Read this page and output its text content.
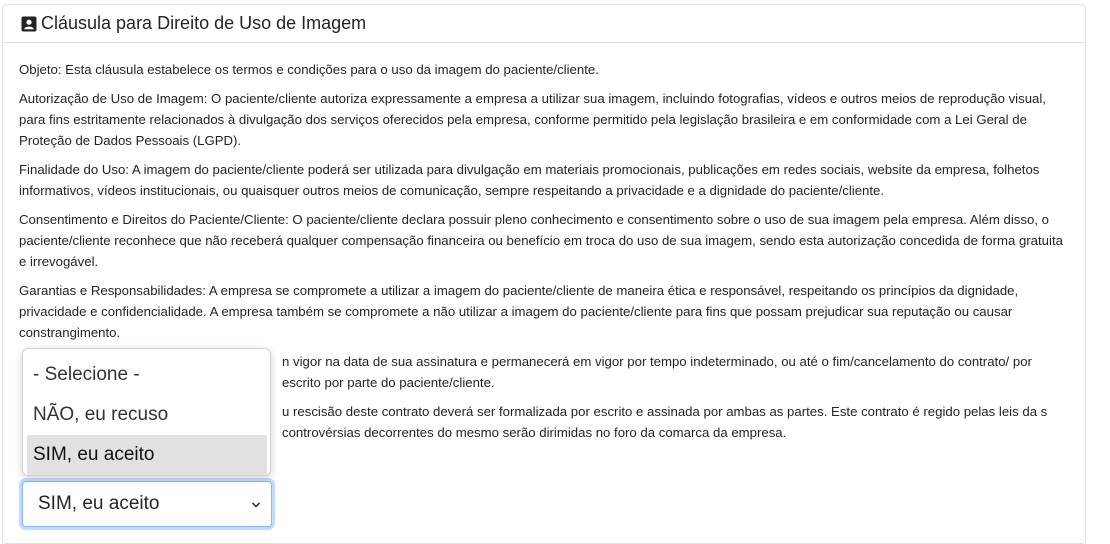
Cláusula para Direito de Uso de Imagem

Objeto: Esta cláusula estabelece os termos e condições para o uso da imagem do paciente/cliente.

Autorização de Uso de Imagem: O paciente/cliente autoriza expressamente a empresa a utilizar sua imagem, incluindo fotografias, vídeos e outros meios de reprodução visual, para fins estritamente relacionados à divulgação dos serviços oferecidos pela empresa, conforme permitido pela legislação brasileira e em conformidade com a Lei Geral de Proteção de Dados Pessoais (LGPD).

Finalidade do Uso: A imagem do paciente/cliente poderá ser utilizada para divulgação em materiais promocionais, publicações em redes sociais, website da empresa, folhetos informativos, vídeos institucionais, ou quaisquer outros meios de comunicação, sempre respeitando a privacidade e a dignidade do paciente/cliente.

Consentimento e Direitos do Paciente/Cliente: O paciente/cliente declara possuir pleno conhecimento e consentimento sobre o uso de sua imagem pela empresa. Além disso, o paciente/cliente reconhece que não receberá qualquer compensação financeira ou benefício em troca do uso de sua imagem, sendo esta autorização concedida de forma gratuita e irrevogável.

Garantias e Responsabilidades: A empresa se compromete a utilizar a imagem do paciente/cliente de maneira ética e responsável, respeitando os princípios da dignidade, privacidade e confidencialidade. A empresa também se compromete a não utilizar a imagem do paciente/cliente para fins que possam prejudicar sua reputação ou causar constrangimento.

n vigor na data de sua assinatura e permanecerá em vigor por tempo indeterminado, ou até o fim/cancelamento do contrato/ por escrito por parte do paciente/cliente.

u rescisão deste contrato deverá ser formalizada por escrito e assinada por ambas as partes. Este contrato é regido pelas leis da s controvérsias decorrentes do mesmo serão dirimidas no foro da comarca da empresa.

SIM, eu aceito
- Selecione -
NÃO, eu recuso
SIM, eu aceito
